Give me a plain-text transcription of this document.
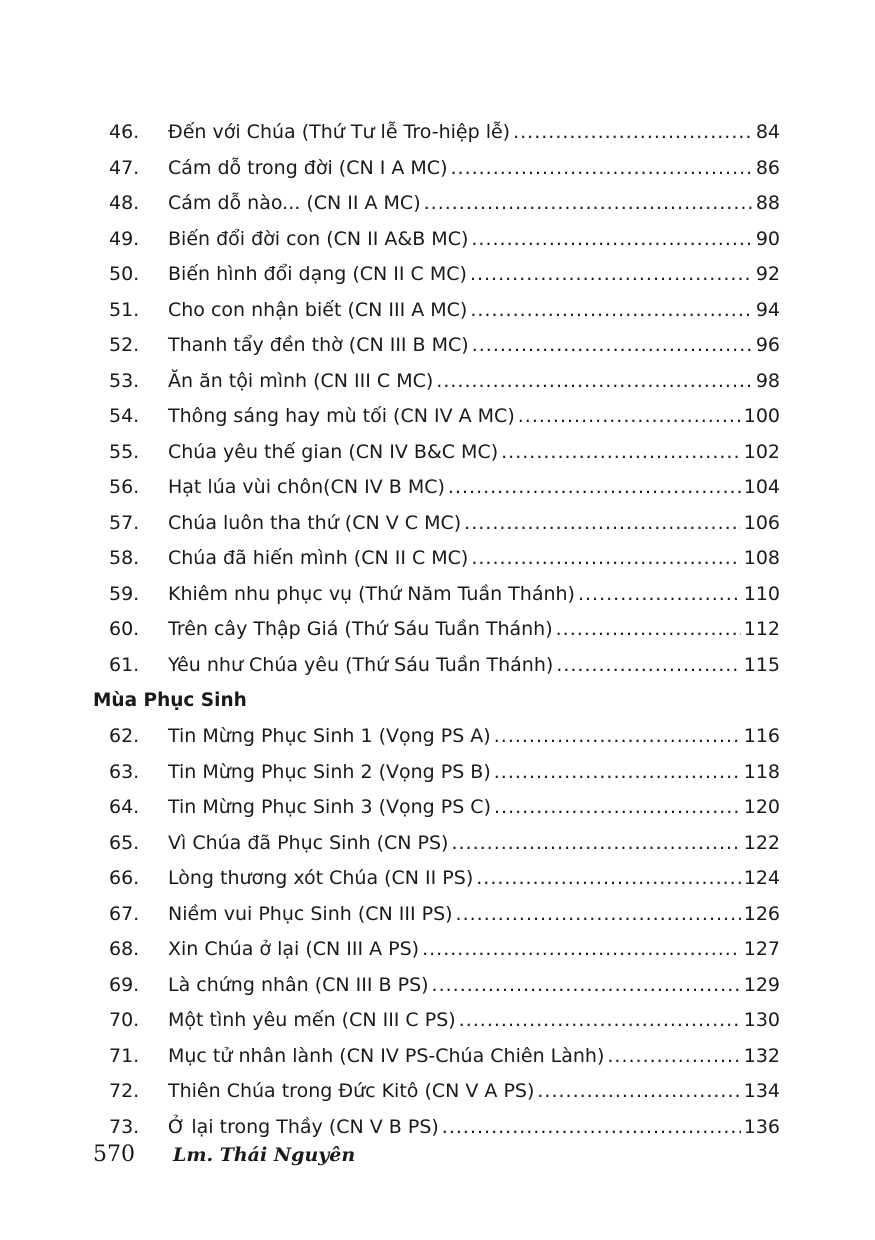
46.	Đến với Chúa (Thứ Tư lễ Tro-hiệp lễ) .....	84
47.	Cám dỗ trong đời (CN I A MC) .....	86
48.	Cám dỗ nào... (CN II A MC) .....	88
49.	Biến đổi đời con (CN II A&B MC) .....	90
50.	Biến hình đổi dạng (CN II C MC) .....	92
51.	Cho con nhận biết (CN III A MC) .....	94
52.	Thanh tẩy đền thờ (CN III B MC) .....	96
53.	Ăn ăn tội mình (CN III C MC) .....	98
54.	Thông sáng hay mù tối (CN IV A MC) .....	100
55.	Chúa yêu thế gian (CN IV B&C MC) .....	102
56.	Hạt lúa vùi chôn(CN IV B MC) .....	104
57.	Chúa luôn tha thứ (CN V C MC) .....	106
58.	Chúa đã hiến mình (CN II C MC) .....	108
59.	Khiêm nhu phục vụ (Thứ Năm Tuần Thánh) .....	110
60.	Trên cây Thập Giá (Thứ Sáu Tuần Thánh) .....	112
61.	Yêu như Chúa yêu (Thứ Sáu Tuần Thánh) .....	115
Mùa Phục Sinh
62.	Tin Mừng Phục Sinh 1 (Vọng PS A) .....	116
63.	Tin Mừng Phục Sinh 2 (Vọng PS B) .....	118
64.	Tin Mừng Phục Sinh 3 (Vọng PS C) .....	120
65.	Vì Chúa đã Phục Sinh (CN PS) .....	122
66.	Lòng thương xót Chúa (CN II PS) .....	124
67.	Niềm vui Phục Sinh (CN III PS) .....	126
68.	Xin Chúa ở lại (CN III A PS) .....	127
69.	Là chứng nhân (CN III B PS) .....	129
70.	Một tình yêu mến (CN III C PS) .....	130
71.	Mục tử nhân lành (CN IV PS-Chúa Chiên Lành) .....	132
72.	Thiên Chúa trong Đức Kitô (CN V A PS) .....	134
73.	Ở lại trong Thầy (CN V B PS) .....	136
570	Lm. Thái Nguyên
